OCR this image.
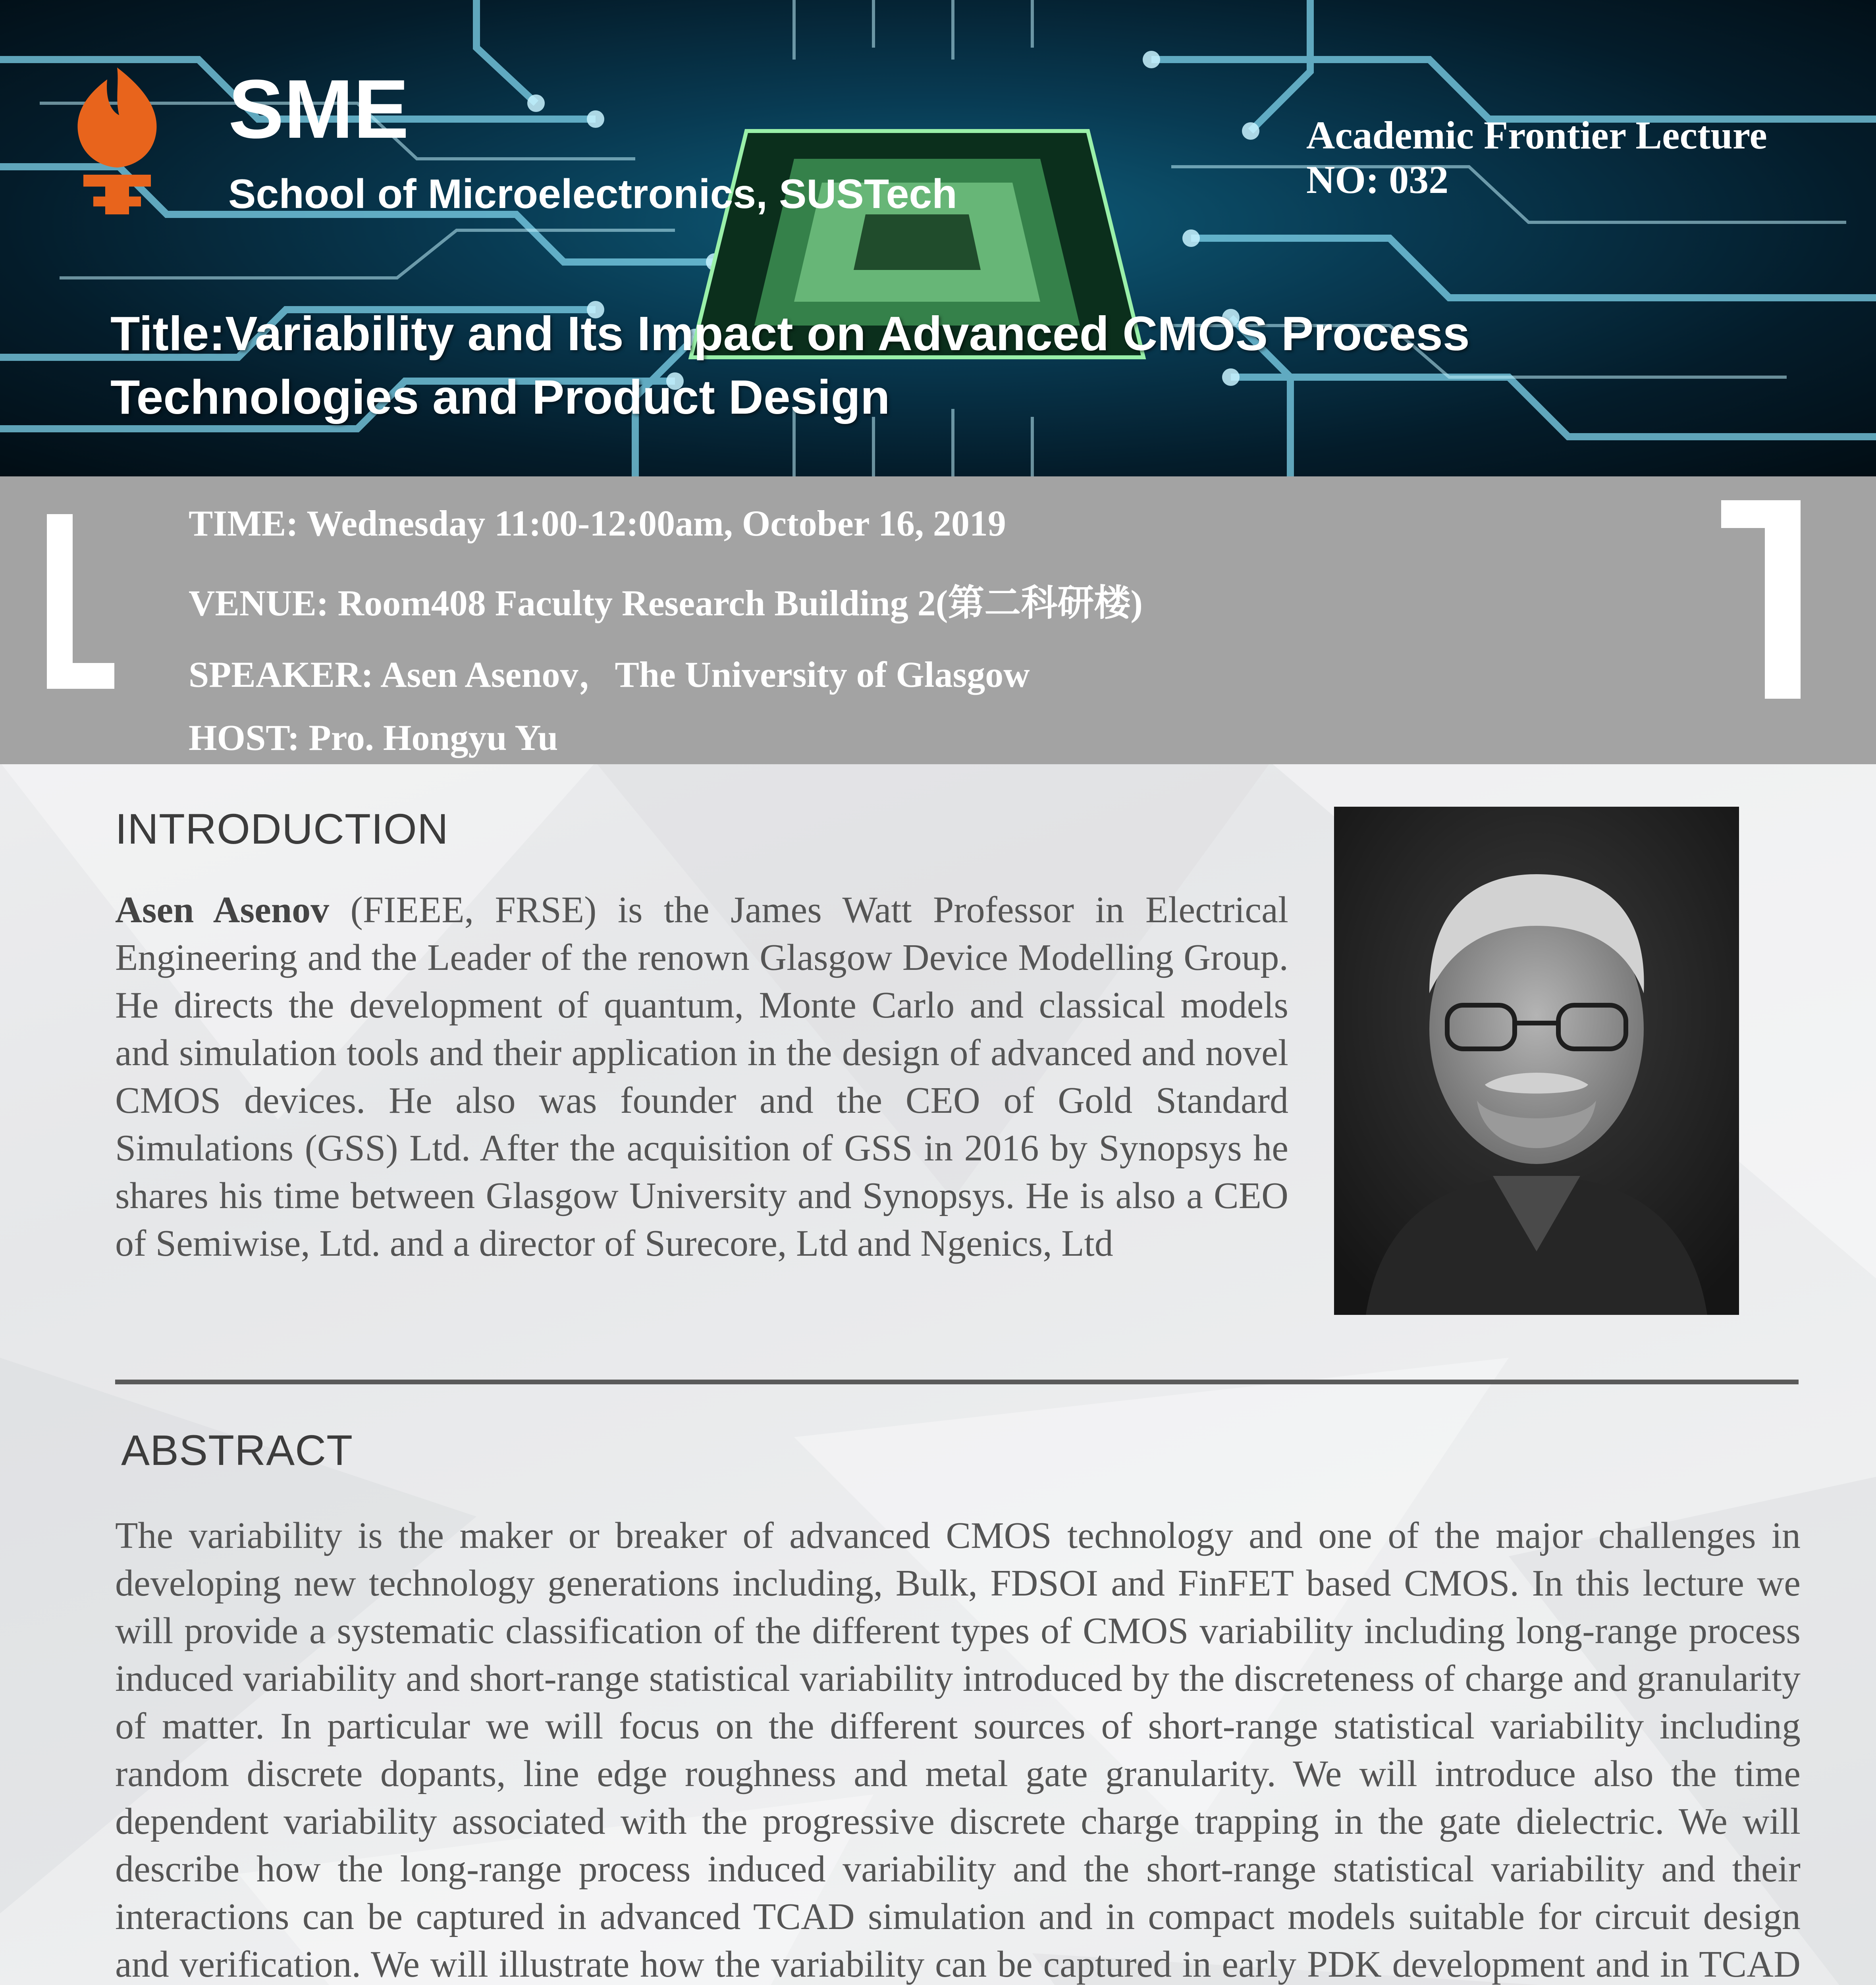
SME
School of Microelectronics, SUSTech
Academic Frontier Lecture
NO: 032
Title:Variability and Its Impact on Advanced CMOS Process
Technologies and Product Design
TIME: Wednesday 11:00-12:00am, October 16, 2019
VENUE: Room408 Faculty Research Building 2(第二科研楼)
SPEAKER: Asen Asenov，The University of Glasgow
HOST: Pro. Hongyu Yu
INTRODUCTION
Asen Asenov (FIEEE, FRSE) is the James Watt Professor in Electrical Engineering and the Leader of the renown Glasgow Device Modelling Group. He directs the development of quantum, Monte Carlo and classical models and simulation tools and their application in the design of advanced and novel CMOS devices. He also was founder and the CEO of Gold Standard Simulations (GSS) Ltd. After the acquisition of GSS in 2016 by Synopsys he shares his time between Glasgow University and Synopsys. He is also a CEO of Semiwise, Ltd. and a director of Surecore, Ltd and Ngenics, Ltd
ABSTRACT
The variability is the maker or breaker of advanced CMOS technology and one of the major challenges in developing new technology generations including, Bulk, FDSOI and FinFET based CMOS. In this lecture we will provide a systematic classification of the different types of CMOS variability including long-range process induced variability and short-range statistical variability introduced by the discreteness of charge and granularity of matter. In particular we will focus on the different sources of short-range statistical variability including random discrete dopants, line edge roughness and metal gate granularity. We will introduce also the time dependent variability associated with the progressive discrete charge trapping in the gate dielectric. We will describe how the long-range process induced variability and the short-range statistical variability and their interactions can be captured in advanced TCAD simulation and in compact models suitable for circuit design and verification. We will illustrate how the variability can be captured in early PDK development and in TCAD
